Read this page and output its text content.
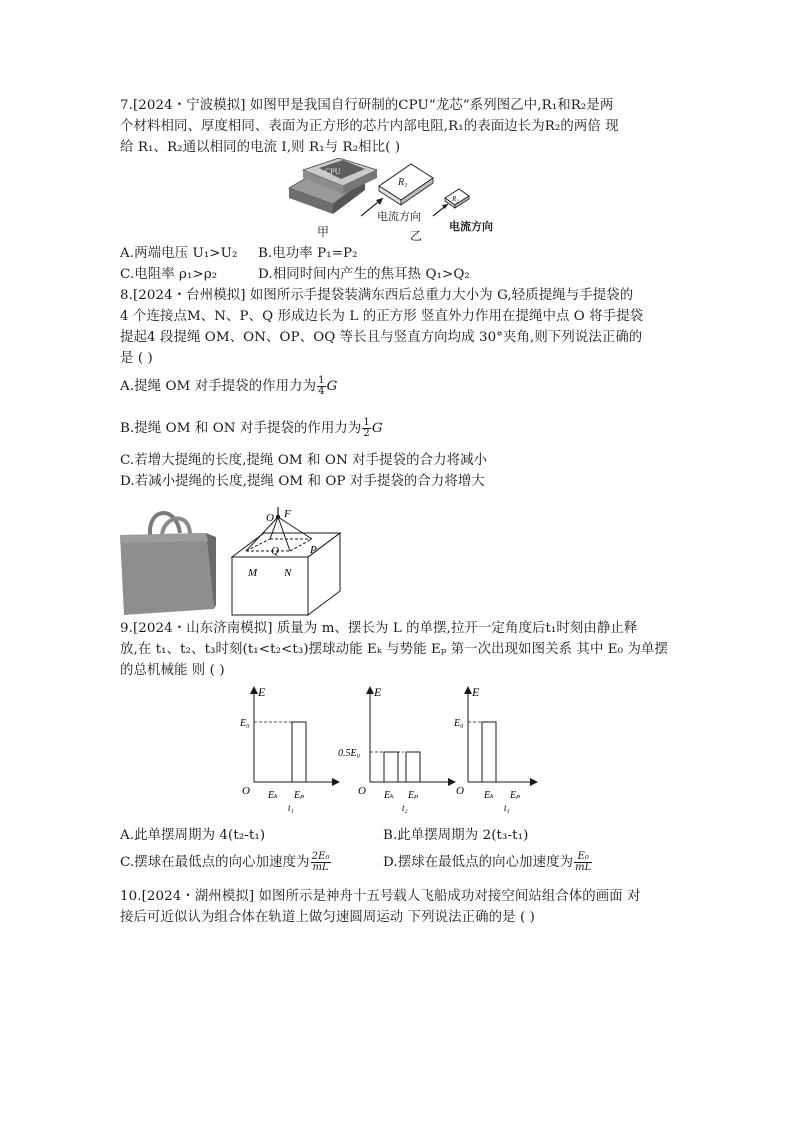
7.[2024・宁波模拟] 如图甲是我国自行研制的CPU“龙芯”系列图乙中,R₁和R₂是两
个材料相同、厚度相同、表面为正方形的芯片内部电阻,R₁的表面边长为R₂的两倍 现
给 R₁、R₂通以相同的电流 I,则 R₁与 R₂相比( )
CPU
甲
R₁
电流方向
乙
R₂
电流方向
A.两端电压 U₁>U₂ B.电功率 P₁=P₂
C.电阻率 ρ₁>ρ₂	D.相同时间内产生的焦耳热 Q₁>Q₂
8.[2024・台州模拟] 如图所示手提袋装满东西后总重力大小为 G,轻质提绳与手提袋的
4 个连接点M、N、P、Q 形成边长为 L 的正方形 竖直外力作用在提绳中点 O 将手提袋
提起4 段提绳 OM、ON、OP、OQ 等长且与竖直方向均成 30°夹角,则下列说法正确的
是 ( )
A.提绳 OM 对手提袋的作用力为 $\frac{1}{4}$ G
B.提绳 OM 和 ON 对手提袋的作用力为 $\frac{1}{2}$ G
C.若增大提绳的长度,提绳 OM 和 ON 对手提袋的合力将减小
D.若减小提绳的长度,提绳 OM 和 OP 对手提袋的合力将增大
O F
M N
Q	P
9.[2024・山东济南模拟] 质量为 m、摆长为 L 的单摆,拉开一定角度后t₁时刻由静止释
放,在 t₁、t₂、t₃时刻(t₁<t₂<t₃)摆球动能 Eₖ 与势能 Eₚ 第一次出现如图关系 其中 E₀ 为单摆
的总机械能 则 ( )
E
E₀
O Eₖ Eₚ
t₁
E
0.5E₀
O Eₖ Eₚ
t₂
E
E₀
O Eₖ Eₚ
t₃
A.此单摆周期为 4(t₂-t₁)	B.此单摆周期为 2(t₃-t₁)
C.摆球在最低点的向心加速度为 $\frac{\text{2E₀}}{mL}$	D.摆球在最低点的向心加速度为 $\frac{\text{E₀}}{mL}$
10.[2024・湖州模拟] 如图所示是神舟十五号载人飞船成功对接空间站组合体的画面 对
接后可近似认为组合体在轨道上做匀速圆周运动 下列说法正确的是 ( )
